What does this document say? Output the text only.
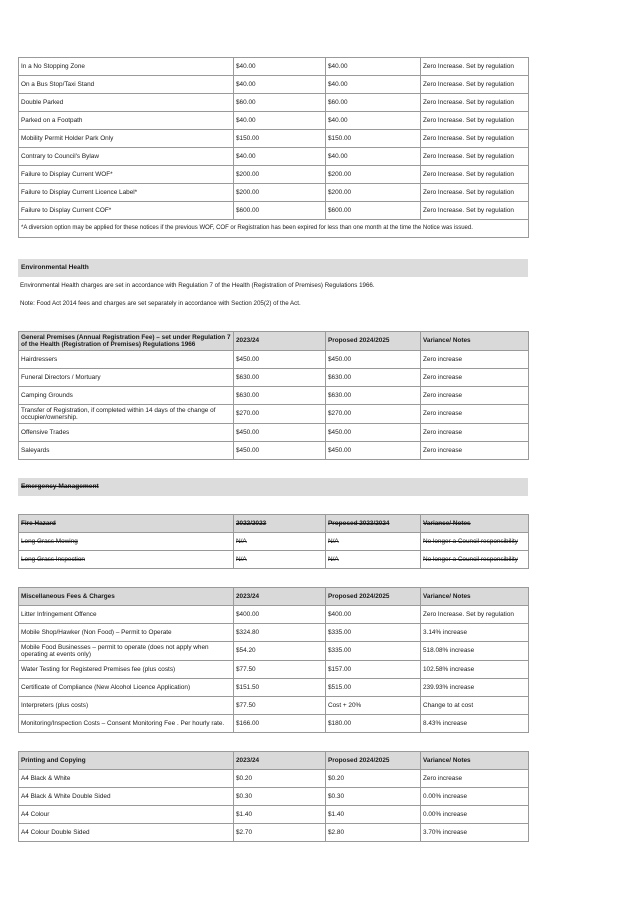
In a No Stopping Zone	$40.00	$40.00	Zero Increase. Set by regulation
On a Bus Stop/Taxi Stand	$40.00	$40.00	Zero Increase. Set by regulation
Double Parked	$60.00	$60.00	Zero Increase. Set by regulation
Parked on a Footpath	$40.00	$40.00	Zero Increase. Set by regulation
Mobility Permit Holder Park Only	$150.00	$150.00	Zero Increase. Set by regulation
Contrary to Council's Bylaw	$40.00	$40.00	Zero Increase. Set by regulation
Failure to Display Current WOF*	$200.00	$200.00	Zero Increase. Set by regulation
Failure to Display Current Licence Label*	$200.00	$200.00	Zero Increase. Set by regulation
Failure to Display Current COF*	$600.00	$600.00	Zero Increase. Set by regulation
*A diversion option may be applied for these notices if the previous WOF, COF or Registration has been expired for less than one month at the time the Notice was issued.			
Environmental Health
Environmental Health charges are set in accordance with Regulation 7 of the Health (Registration of Premises) Regulations 1966.
Note: Food Act 2014 fees and charges are set separately in accordance with Section 205(2) of the Act.
General Premises (Annual Registration Fee) – set under Regulation 7 of the Health (Registration of Premises) Regulations 1966	2023/24	Proposed 2024/2025	Variance/ Notes
Hairdressers	$450.00	$450.00	Zero increase
Funeral Directors / Mortuary	$630.00	$630.00	Zero increase
Camping Grounds	$630.00	$630.00	Zero increase
Transfer of Registration, if completed within 14 days of the change of occupier/ownership.	$270.00	$270.00	Zero increase
Offensive Trades	$450.00	$450.00	Zero increase
Saleyards	$450.00	$450.00	Zero increase
Emergency Management
Fire Hazard	2022/2023	Proposed 2023/2024	Variance/ Notes
Long Grass Mowing	N/A	N/A	No longer a Council responsibility
Long Grass Inspection	N/A	N/A	No longer a Council responsibility
Miscellaneous Fees & Charges	2023/24	Proposed 2024/2025	Variance/ Notes
Litter Infringement Offence	$400.00	$400.00	Zero Increase. Set by regulation
Mobile Shop/Hawker (Non Food) – Permit to Operate	$324.80	$335.00	3.14% increase
Mobile Food Businesses – permit to operate (does not apply when operating at events only)	$54.20	$335.00	518.08% increase
Water Testing for Registered Premises fee (plus costs)	$77.50	$157.00	102.58% increase
Certificate of Compliance (New Alcohol Licence Application)	$151.50	$515.00	239.93% increase
Interpreters (plus costs)	$77.50	Cost + 20%	Change to at cost
Monitoring/Inspection Costs – Consent Monitoring Fee . Per hourly rate.	$166.00	$180.00	8.43% increase
Printing and Copying	2023/24	Proposed 2024/2025	Variance/ Notes
A4 Black & White	$0.20	$0.20	Zero increase
A4 Black & White Double Sided	$0.30	$0.30	0.00% increase
A4 Colour	$1.40	$1.40	0.00% increase
A4 Colour Double Sided	$2.70	$2.80	3.70% increase
